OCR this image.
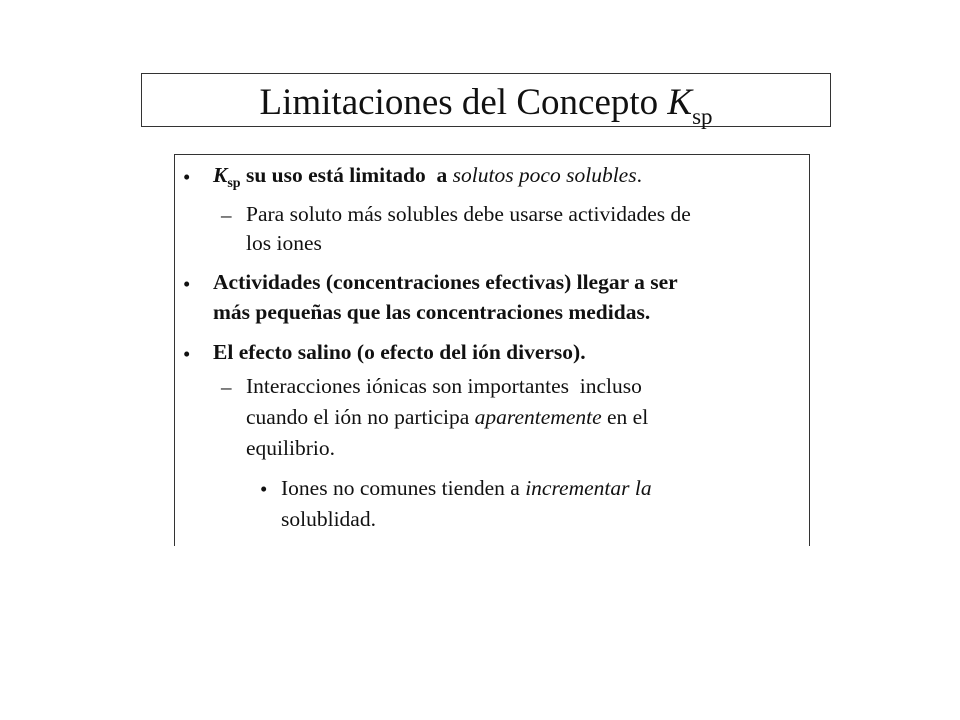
Limitaciones del Concepto $K_{sp}$
• $K_{sp}$ su uso está limitado  a solutos poco solubles.
– Para soluto más solubles debe usarse actividades de
los iones
• Actividades (concentraciones efectivas) llegar a ser
más pequeñas que las concentraciones medidas.
• El efecto salino (o efecto del ión diverso).
– Interacciones iónicas son importantes  incluso
cuando el ión no participa aparentemente en el
equilibrio.
• Iones no comunes tienden a incrementar la
solublidad.
